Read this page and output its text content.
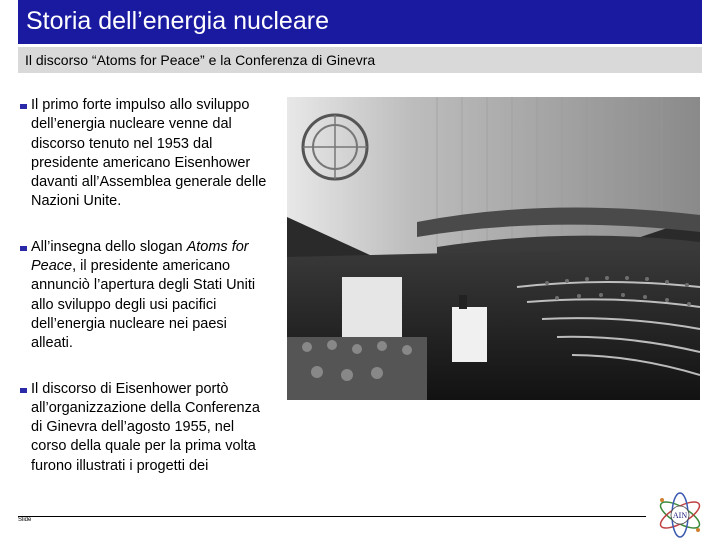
Storia dell’energia nucleare
Il discorso “Atoms for Peace” e la Conferenza di Ginevra
Il primo forte impulso allo sviluppo dell’energia nucleare venne dal discorso tenuto nel 1953 dal presidente americano Eisenhower davanti all’Assemblea generale delle Nazioni Unite.
All’insegna dello slogan Atoms for Peace, il presidente americano annunciò l’apertura degli Stati Uniti allo sviluppo degli usi pacifici dell’energia nucleare nei paesi alleati.
Il discorso di Eisenhower portò all’organizzazione della Conferenza di Ginevra dell’agosto 1955, nel corso della quale per la prima volta furono illustrati i progetti dei
Slide	AIN
